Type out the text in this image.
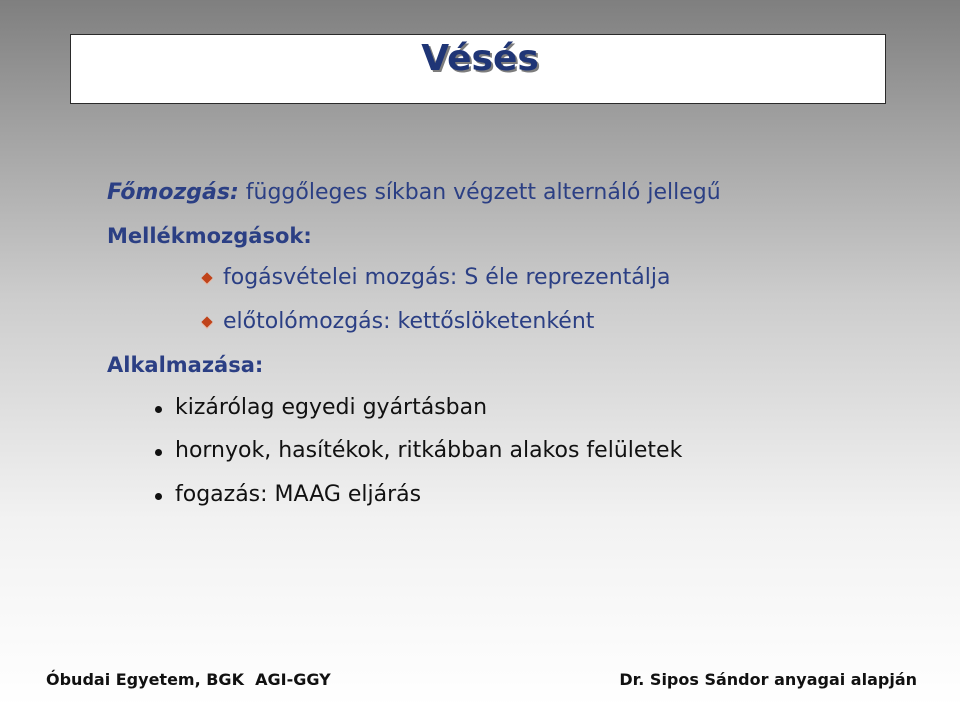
Vésés
Főmozgás: függőleges síkban végzett alternáló jellegű
Mellékmozgások:
fogásvételei mozgás: S éle reprezentálja
előtolómozgás: kettőslöketenként
Alkalmazása:
kizárólag egyedi gyártásban
hornyok, hasítékok, ritkábban alakos felületek
fogazás: MAAG eljárás
Óbudai Egyetem, BGK  AGI-GGY	Dr. Sipos Sándor anyagai alapján
